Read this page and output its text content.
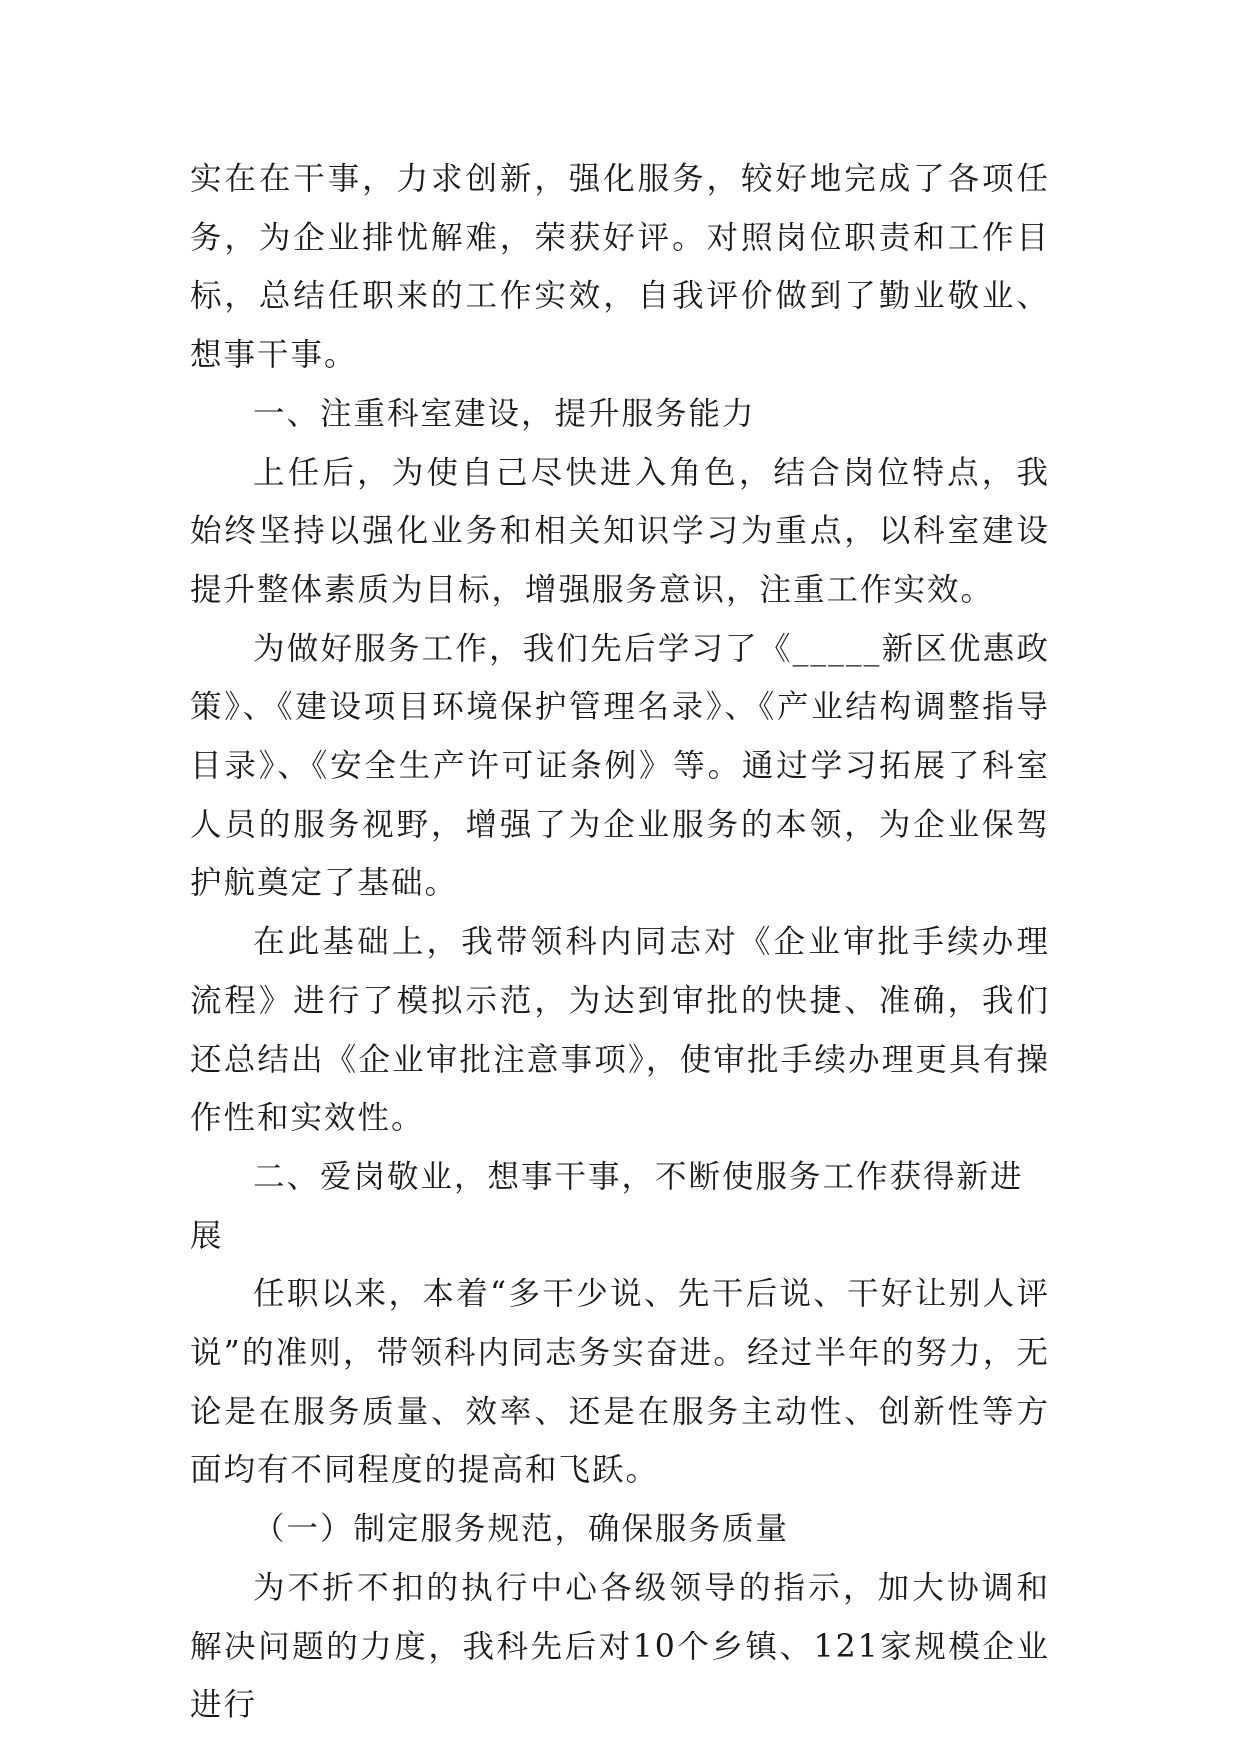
实在在干事，力求创新，强化服务，较好地完成了各项任务，为企业排忧解难，荣获好评。对照岗位职责和工作目标，总结任职来的工作实效，自我评价做到了勤业敬业、想事干事。

一、注重科室建设，提升服务能力

上任后，为使自己尽快进入角色，结合岗位特点，我始终坚持以强化业务和相关知识学习为重点，以科室建设提升整体素质为目标，增强服务意识，注重工作实效。

为做好服务工作，我们先后学习了《_____新区优惠政策》、《建设项目环境保护管理名录》、《产业结构调整指导目录》、《安全生产许可证条例》等。通过学习拓展了科室人员的服务视野，增强了为企业服务的本领，为企业保驾护航奠定了基础。

在此基础上，我带领科内同志对《企业审批手续办理流程》进行了模拟示范，为达到审批的快捷、准确，我们还总结出《企业审批注意事项》，使审批手续办理更具有操作性和实效性。

二、爱岗敬业，想事干事，不断使服务工作获得新进展

任职以来，本着“多干少说、先干后说、干好让别人评说”的准则，带领科内同志务实奋进。经过半年的努力，无论是在服务质量、效率、还是在服务主动性、创新性等方面均有不同程度的提高和飞跃。

（一）制定服务规范，确保服务质量

为不折不扣的执行中心各级领导的指示，加大协调和解决问题的力度，我科先后对10个乡镇、121家规模企业进行
